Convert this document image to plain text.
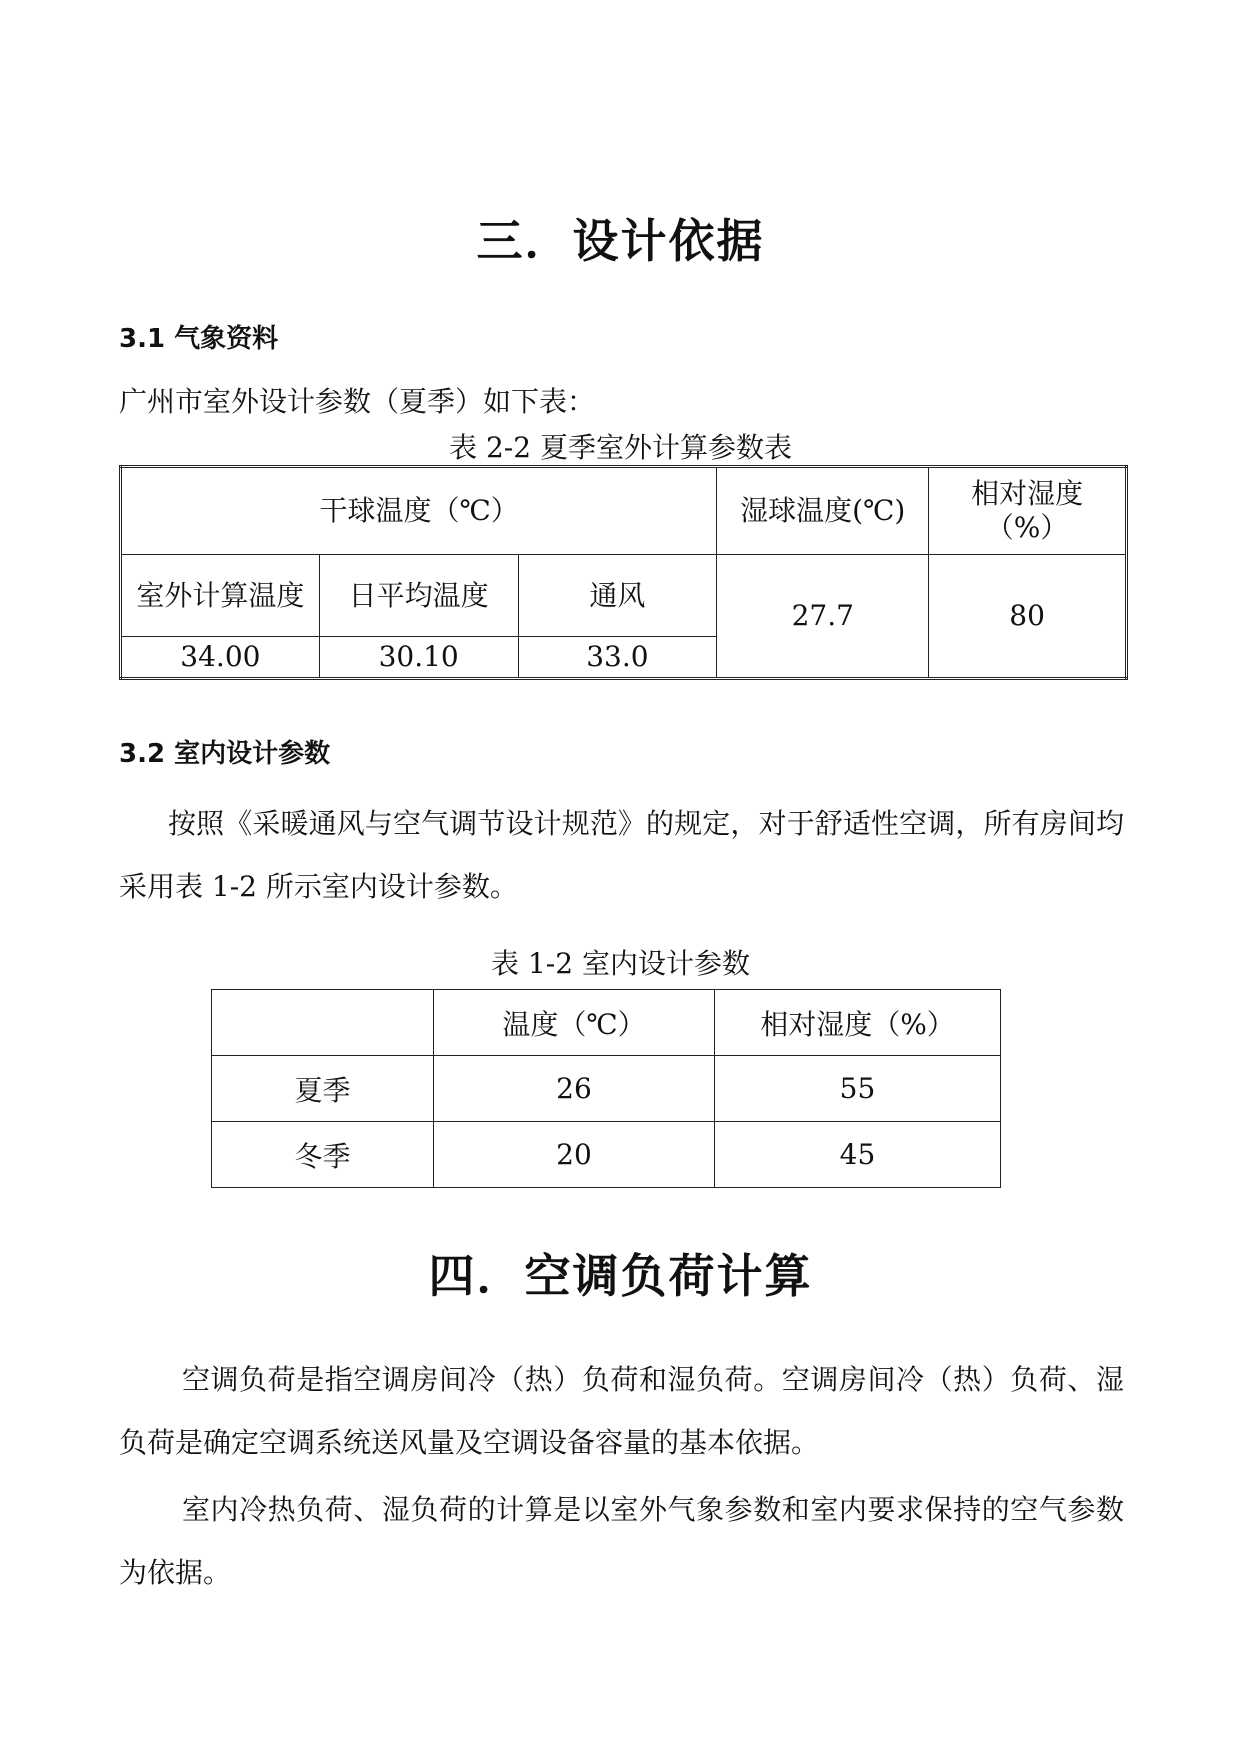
三．设计依据
3.1 气象资料

广州市室外设计参数（夏季）如下表：

表 2-2 夏季室外计算参数表

干球温度（℃）			湿球温度(℃)	相对湿度（%）
室外计算温度	日平均温度	通风	27.7	80
34.00	30.10	33.0		
3.2 室内设计参数

按照《采暖通风与空气调节设计规范》的规定，对于舒适性空调，所有房间均采用表 1-2 所示室内设计参数。

表 1-2 室内设计参数

	温度（℃）	相对湿度（%）
夏季	26	55
冬季	20	45
四．空调负荷计算

空调负荷是指空调房间冷（热）负荷和湿负荷。空调房间冷（热）负荷、湿负荷是确定空调系统送风量及空调设备容量的基本依据。

室内冷热负荷、湿负荷的计算是以室外气象参数和室内要求保持的空气参数为依据。
